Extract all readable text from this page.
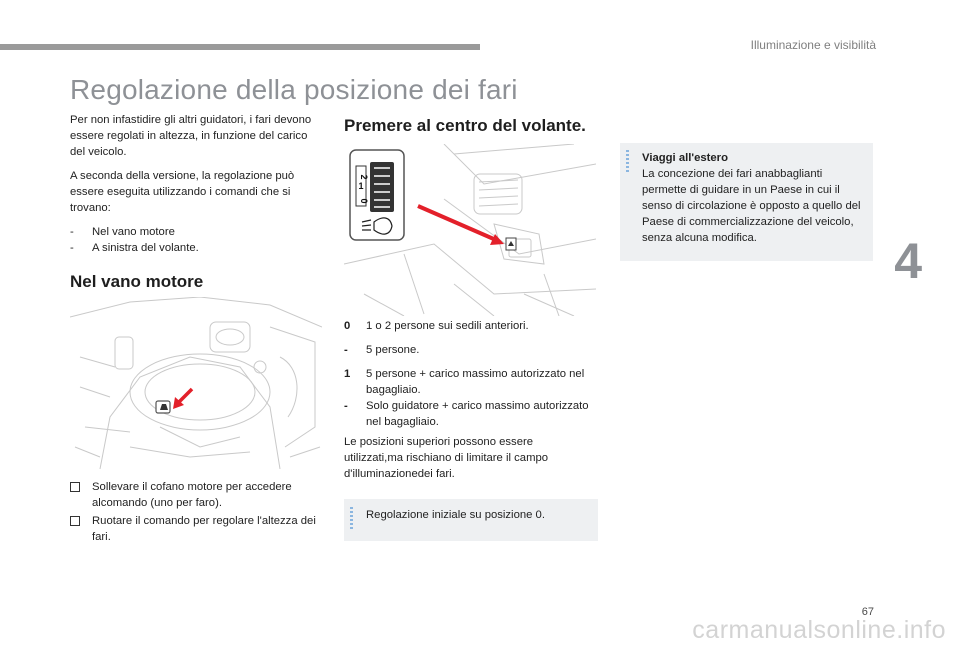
Illuminazione e visibilità
Regolazione della posizione dei fari

Per non infastidire gli altri guidatori, i fari devono essere regolati in altezza, in funzione del carico del veicolo.

A seconda della versione, la regolazione può essere eseguita utilizzando i comandi che si trovano:

- Nel vano motore
- A sinistra del volante.
Nel vano motore
Sollevare il cofano motore per accedere alcomando (uno per faro).
Ruotare il comando per regolare l'altezza dei fari.
Premere al centro del volante.
2
1
0
0 1 o 2 persone sui sedili anteriori.
- 5 persone.
1 5 persone + carico massimo autorizzato nel bagagliaio.
- Solo guidatore + carico massimo autorizzato nel bagagliaio.

Le posizioni superiori possono essere utilizzati,ma rischiano di limitare il campo d'illuminazionedei fari.

Regolazione iniziale su posizione 0.
Viaggi all'estero
La concezione dei fari anabbaglianti permette di guidare in un Paese in cui il senso di circolazione è opposto a quello del Paese di commercializzazione del veicolo, senza alcuna modifica.	4
67
carmanualsonline.info
